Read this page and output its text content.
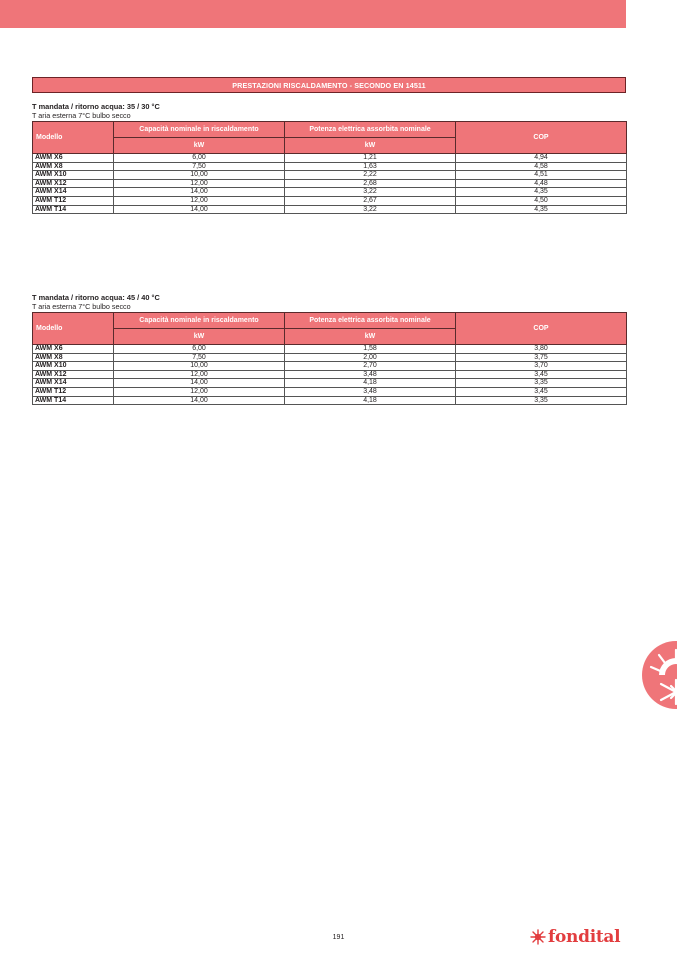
PRESTAZIONI RISCALDAMENTO - SECONDO EN 14511
T mandata / ritorno acqua: 35 / 30 °C
T aria esterna 7°C bulbo secco
Modello	Capacità nominale in riscaldamento	Potenza elettrica assorbita nominale	COP
	kW	kW	
AWM X6	6,00	1,21	4,94
AWM X8	7,50	1,63	4,58
AWM X10	10,00	2,22	4,51
AWM X12	12,00	2,68	4,48
AWM X14	14,00	3,22	4,35
AWM T12	12,00	2,67	4,50
AWM T14	14,00	3,22	4,35
T mandata / ritorno acqua: 45 / 40 °C
T aria esterna 7°C bulbo secco
Modello	Capacità nominale in riscaldamento	Potenza elettrica assorbita nominale	COP
	kW	kW	
AWM X6	6,00	1,58	3,80
AWM X8	7,50	2,00	3,75
AWM X10	10,00	2,70	3,70
AWM X12	12,00	3,48	3,45
AWM X14	14,00	4,18	3,35
AWM T12	12,00	3,48	3,45
AWM T14	14,00	4,18	3,35
191	fondital
